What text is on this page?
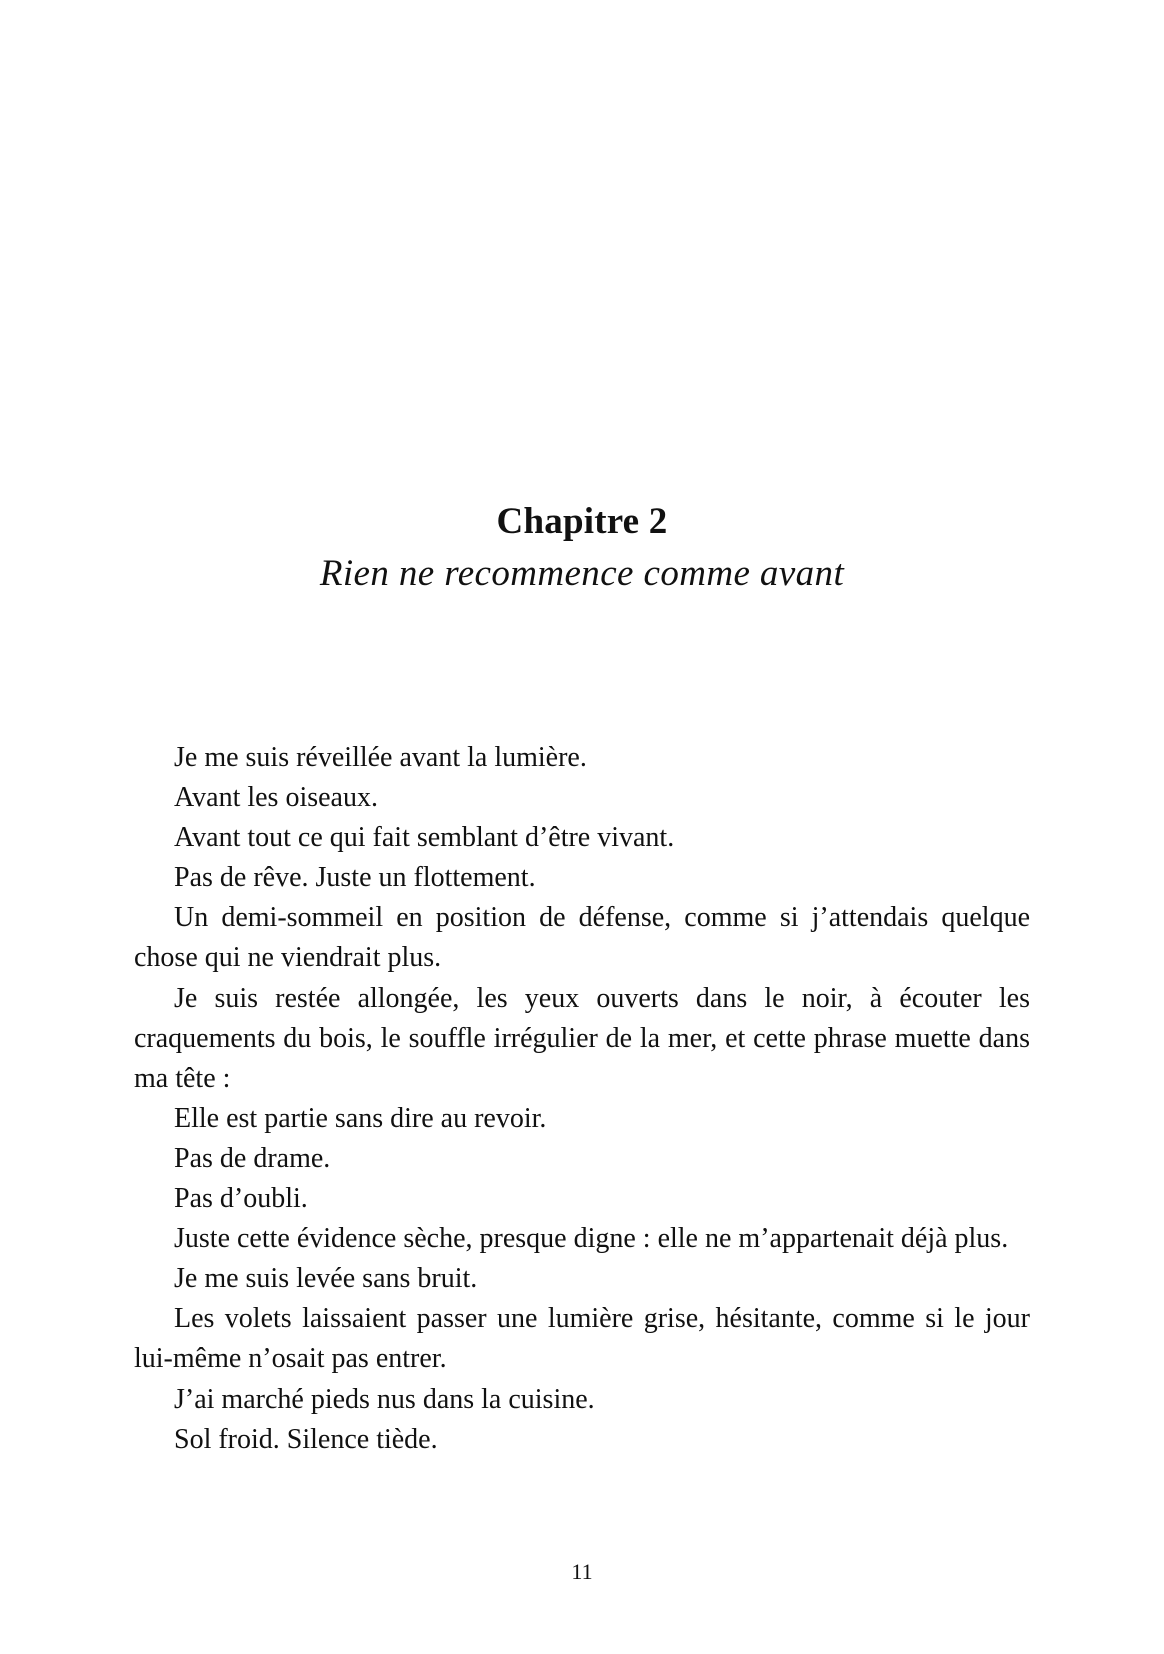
Chapitre 2
Rien ne recommence comme avant

Je me suis réveillée avant la lumière.

Avant les oiseaux.

Avant tout ce qui fait semblant d’être vivant.

Pas de rêve. Juste un flottement.

Un demi-sommeil en position de défense, comme si j’attendais quelque chose qui ne viendrait plus.

Je suis restée allongée, les yeux ouverts dans le noir, à écouter les craquements du bois, le souffle irrégulier de la mer, et cette phrase muette dans ma tête :

Elle est partie sans dire au revoir.

Pas de drame.

Pas d’oubli.

Juste cette évidence sèche, presque digne : elle ne m’appartenait déjà plus.

Je me suis levée sans bruit.

Les volets laissaient passer une lumière grise, hésitante, comme si le jour lui-même n’osait pas entrer.

J’ai marché pieds nus dans la cuisine.

Sol froid. Silence tiède.

11
